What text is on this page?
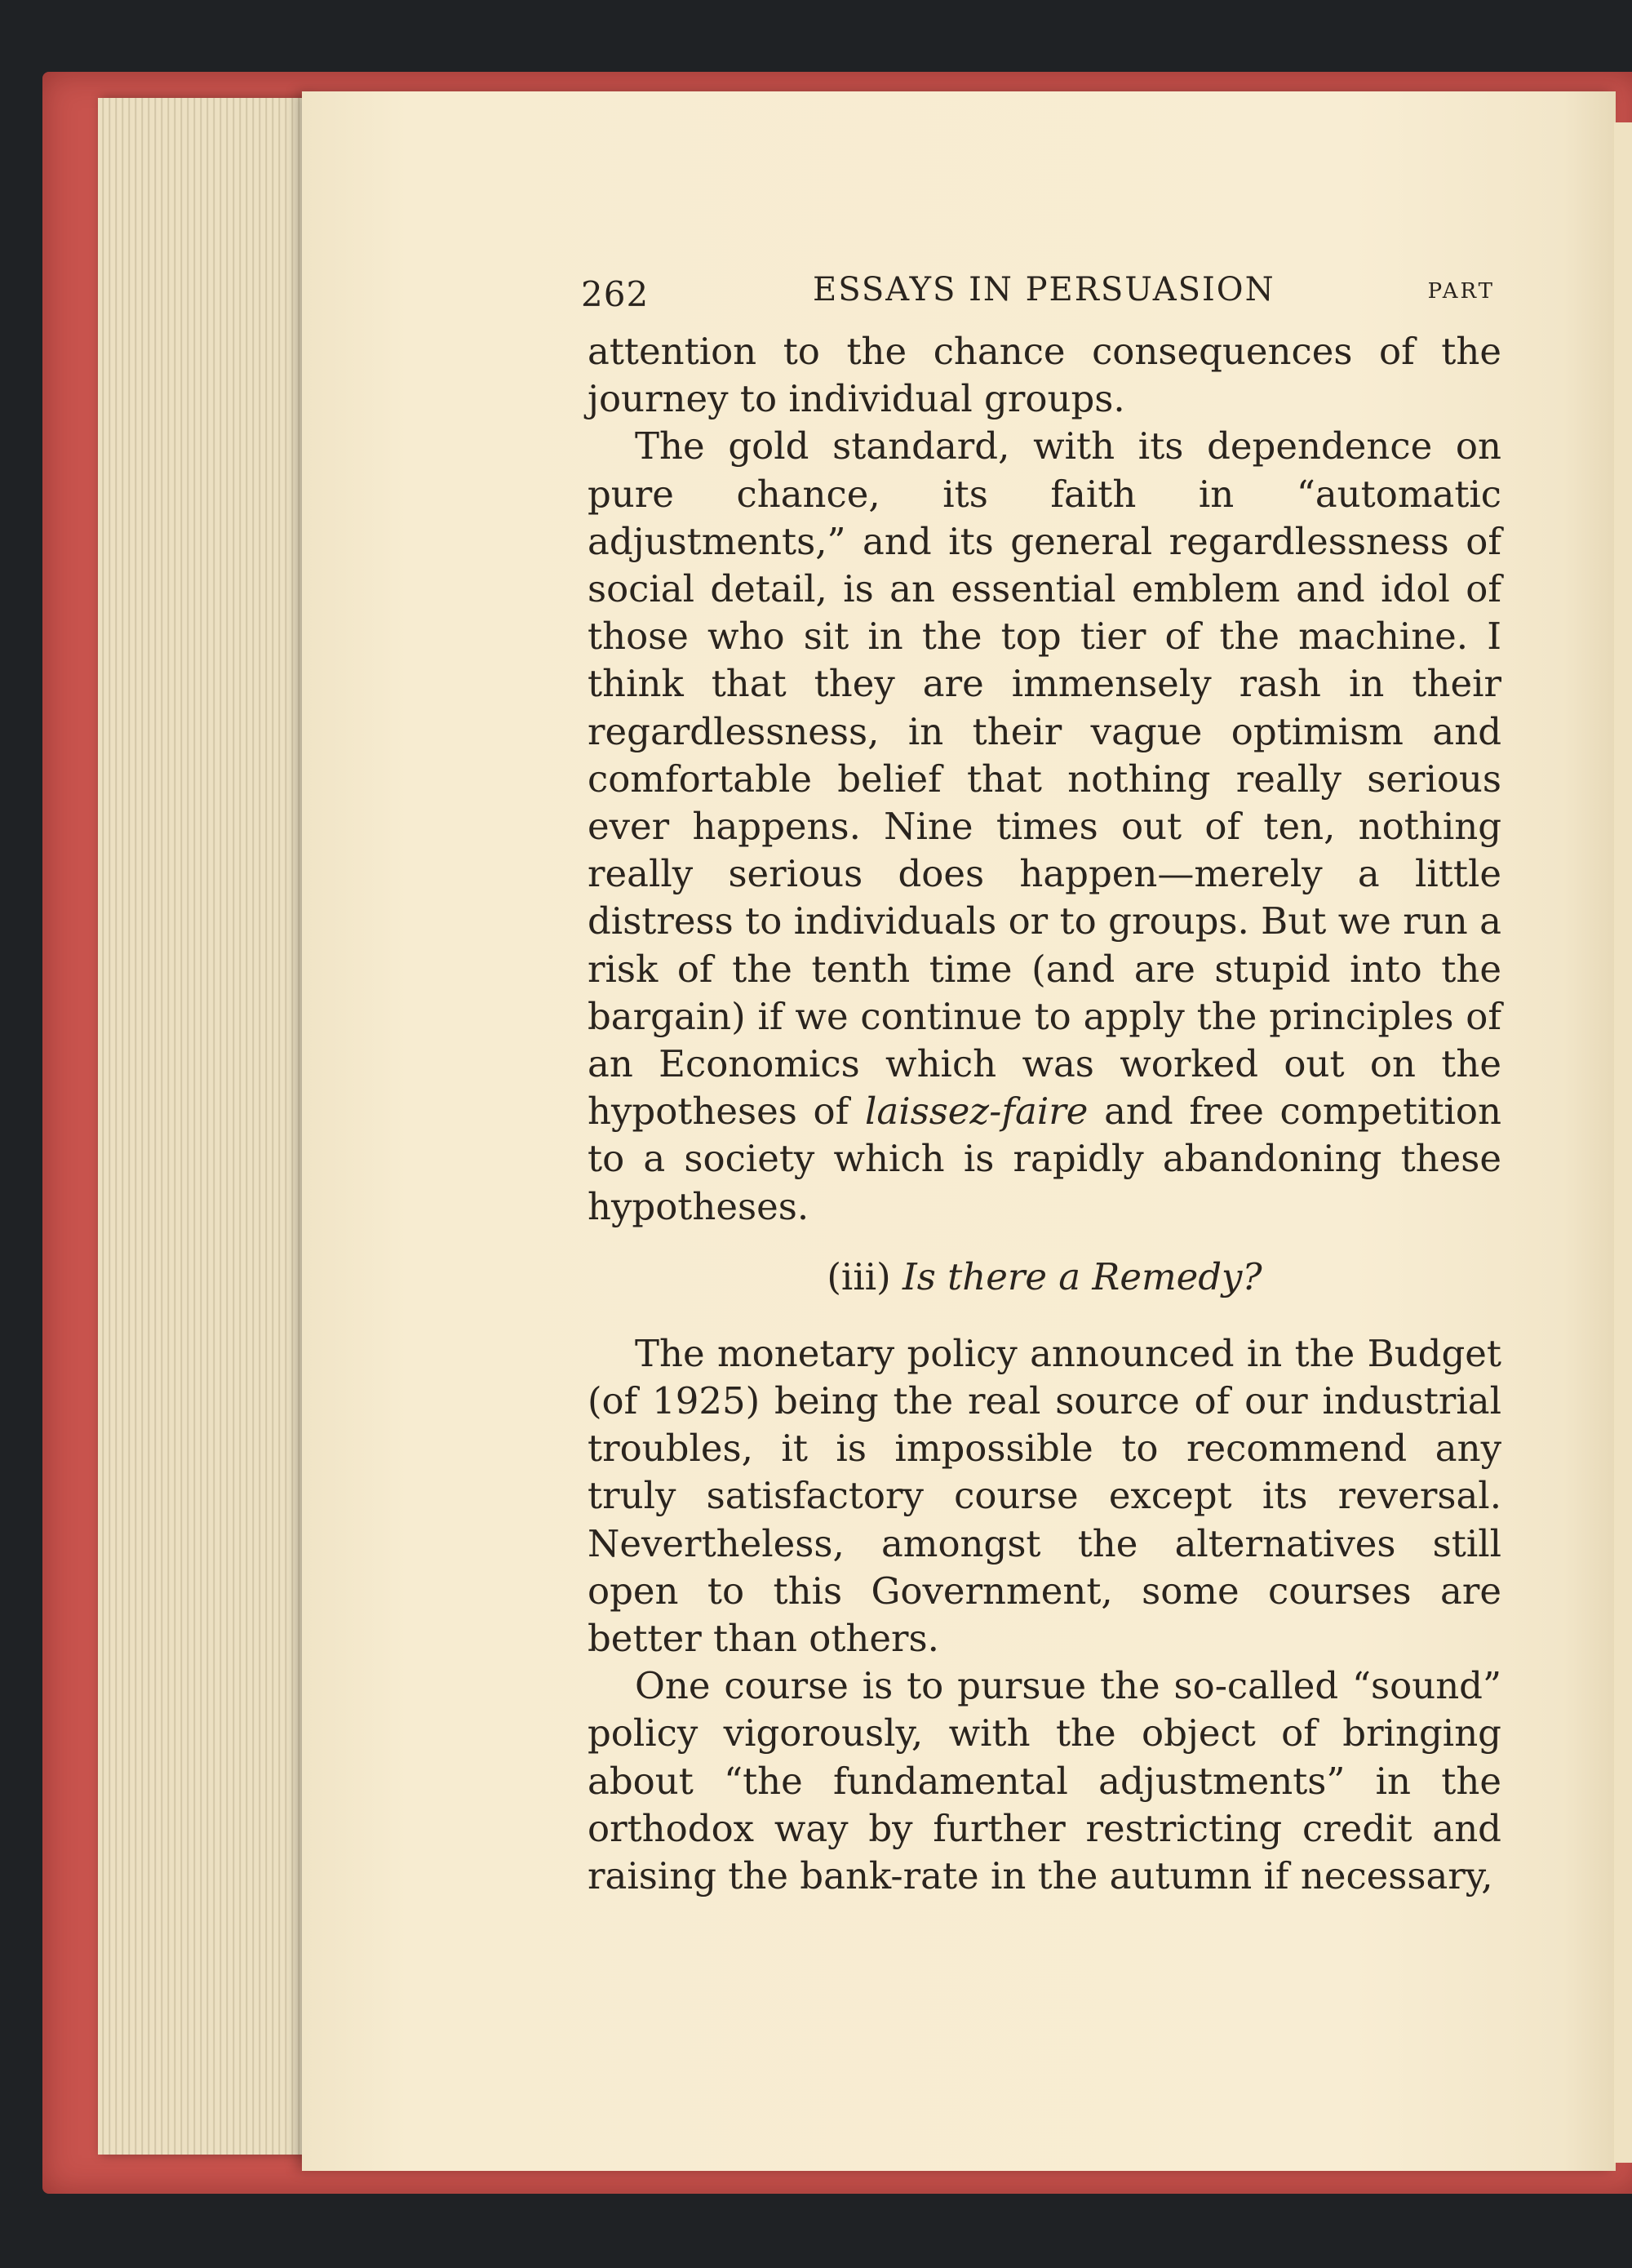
262	ESSAYS IN PERSUASION	PART

attention to the chance consequences of the journey to individual groups.

The gold standard, with its dependence on pure chance, its faith in “automatic adjustments,” and its general regardlessness of social detail, is an essential emblem and idol of those who sit in the top tier of the machine. I think that they are immensely rash in their regardlessness, in their vague optimism and comfortable belief that nothing really serious ever happens. Nine times out of ten, nothing really serious does happen—merely a little distress to individuals or to groups. But we run a risk of the tenth time (and are stupid into the bargain) if we continue to apply the principles of an Economics which was worked out on the hypotheses of laissez-faire and free competition to a society which is rapidly abandoning these hypotheses.

(iii) Is there a Remedy?

The monetary policy announced in the Budget (of 1925) being the real source of our industrial troubles, it is impossible to recommend any truly satisfactory course except its reversal. Nevertheless, amongst the alternatives still open to this Government, some courses are better than others.

One course is to pursue the so-called “sound” policy vigorously, with the object of bringing about “the fundamental adjustments” in the orthodox way by further restricting credit and raising the bank-rate in the autumn if necessary,
